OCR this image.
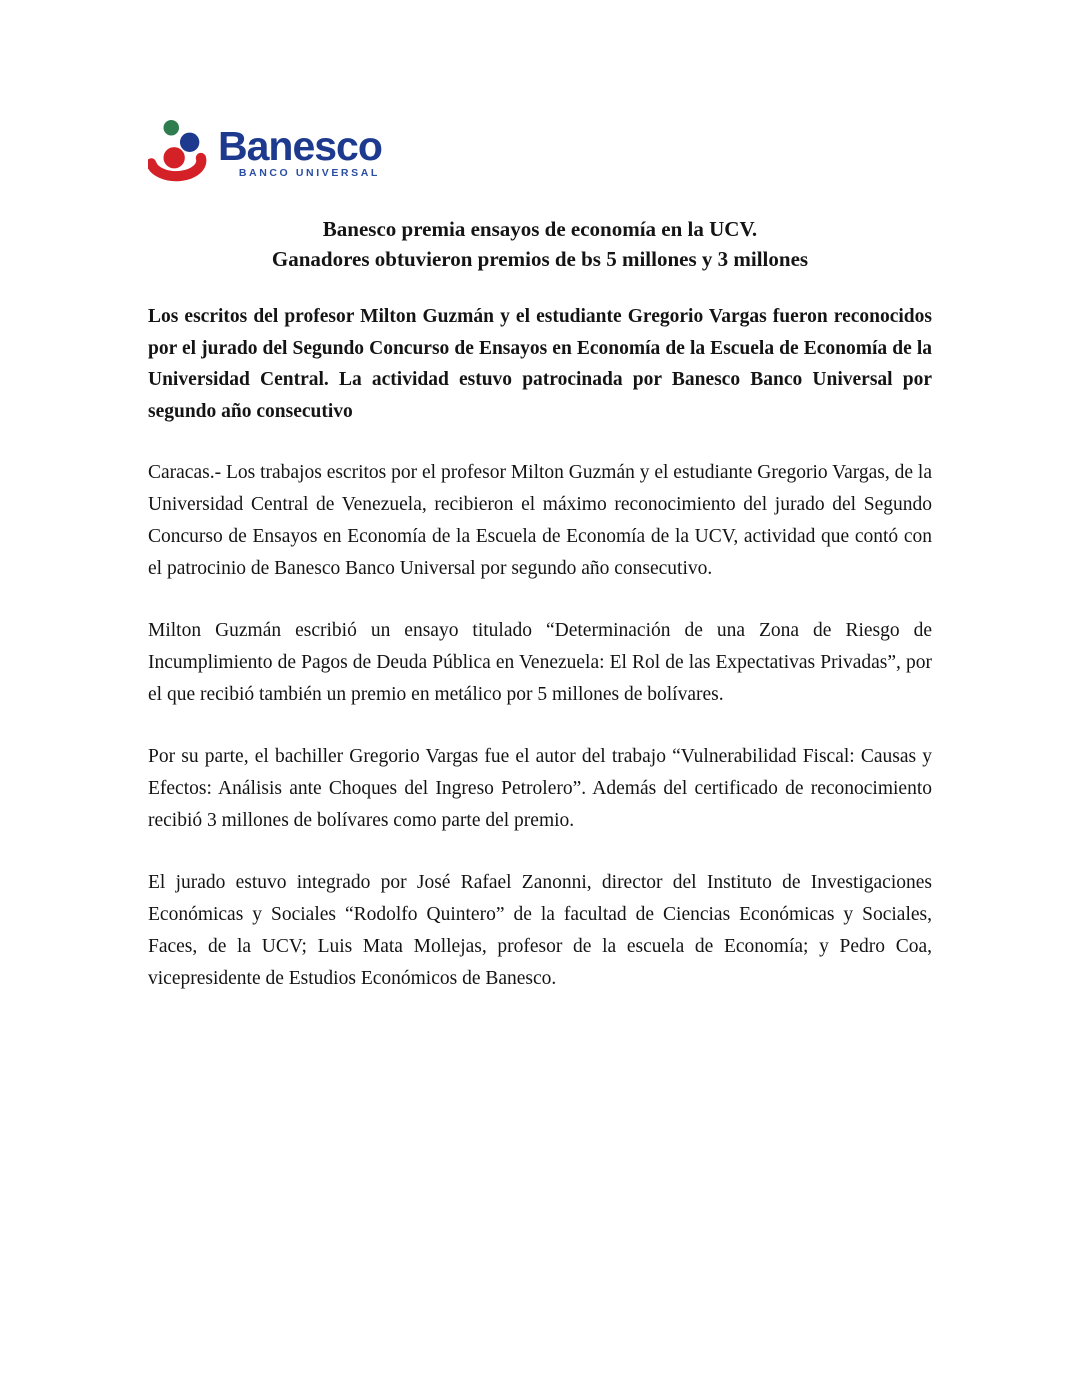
Banesco
BANCO UNIVERSAL
Banesco premia ensayos de economía en la UCV.
Ganadores obtuvieron premios de bs 5 millones y 3 millones

Los escritos del profesor Milton Guzmán y el estudiante Gregorio Vargas fueron reconocidos por el jurado del Segundo Concurso de Ensayos en Economía de la Escuela de Economía de la Universidad Central. La actividad estuvo patrocinada por Banesco Banco Universal por segundo año consecutivo

Caracas.- Los trabajos escritos por el profesor Milton Guzmán y el estudiante Gregorio Vargas, de la Universidad Central de Venezuela, recibieron el máximo reconocimiento del jurado del Segundo Concurso de Ensayos en Economía de la Escuela de Economía de la UCV, actividad que contó con el patrocinio de Banesco Banco Universal por segundo año consecutivo.

Milton Guzmán escribió un ensayo titulado “Determinación de una Zona de Riesgo de Incumplimiento de Pagos de Deuda Pública en Venezuela: El Rol de las Expectativas Privadas”, por el que recibió también un premio en metálico por 5 millones de bolívares.

Por su parte, el bachiller Gregorio Vargas fue el autor del trabajo “Vulnerabilidad Fiscal: Causas y Efectos: Análisis ante Choques del Ingreso Petrolero”. Además del certificado de reconocimiento recibió 3 millones de bolívares como parte del premio.

El jurado estuvo integrado por José Rafael Zanonni, director del Instituto de Investigaciones Económicas y Sociales “Rodolfo Quintero” de la facultad de Ciencias Económicas y Sociales, Faces, de la UCV; Luis Mata Mollejas, profesor de la escuela de Economía; y Pedro Coa, vicepresidente de Estudios Económicos de Banesco.
